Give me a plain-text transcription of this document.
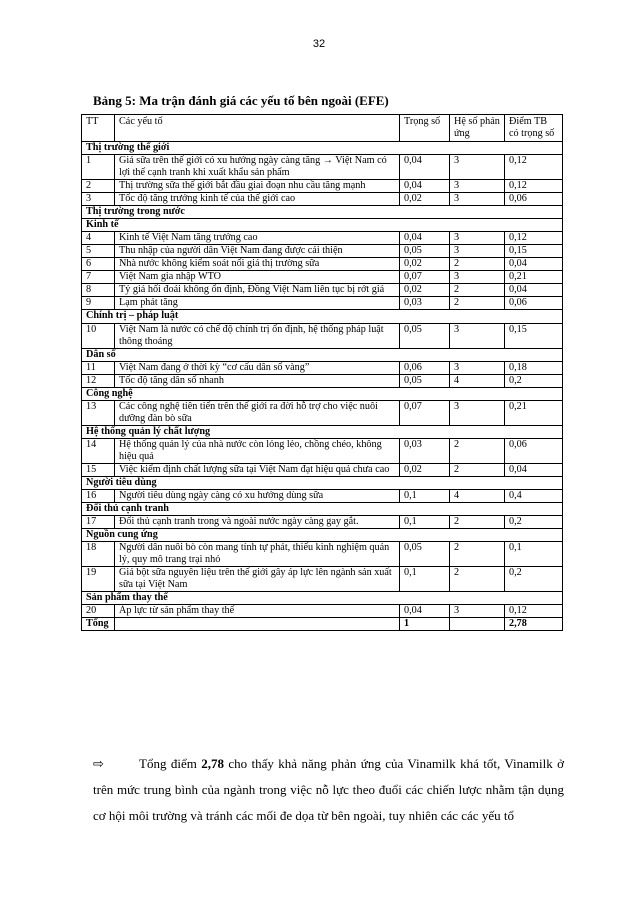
32
Bảng 5: Ma trận đánh giá các yếu tố bên ngoài (EFE)
TT	Các yếu tố	Trọng số	Hệ số phản ứng	Điểm TB có trọng số
Thị trường thế giới				
1	Giá sữa trên thế giới có xu hướng ngày càng tăng → Việt Nam có lợi thế cạnh tranh khi xuất khẩu sản phẩm	0,04	3	0,12
2	Thị trường sữa thế giới bắt đầu giai đoạn nhu cầu tăng mạnh	0,04	3	0,12
3	Tốc độ tăng trưởng kinh tế của thế giới cao	0,02	3	0,06
Thị trường trong nước				
Kinh tế				
4	Kinh tế Việt Nam tăng trưởng cao	0,04	3	0,12
5	Thu nhập của người dân Việt Nam đang được cải thiện	0,05	3	0,15
6	Nhà nước không kiểm soát nổi giá thị trường sữa	0,02	2	0,04
7	Việt Nam gia nhập WTO	0,07	3	0,21
8	Tỷ giá hối đoái không ổn định, Đồng Việt Nam liên tục bị rớt giá	0,02	2	0,04
9	Lạm phát tăng	0,03	2	0,06
Chính trị – pháp luật				
10	Việt Nam là nước có chế độ chính trị ổn định, hệ thống pháp luật thông thoáng	0,05	3	0,15
Dân số				
11	Việt Nam đang ở thời kỳ “cơ cấu dân số vàng”	0,06	3	0,18
12	Tốc độ tăng dân số nhanh	0,05	4	0,2
Công nghệ				
13	Các công nghệ tiên tiến trên thế giới ra đời hỗ trợ cho việc nuôi dưỡng đàn bò sữa	0,07	3	0,21
Hệ thống quản lý chất lượng				
14	Hệ thống quản lý của nhà nước còn lỏng lẻo, chồng chéo, không hiệu quả	0,03	2	0,06
15	Việc kiểm định chất lượng sữa tại Việt Nam đạt hiệu quả chưa cao	0,02	2	0,04
Người tiêu dùng				
16	Người tiêu dùng ngày càng có xu hướng dùng sữa	0,1	4	0,4
Đối thủ cạnh tranh				
17	Đối thủ cạnh tranh trong và ngoài nước ngày càng gay gắt.	0,1	2	0,2
Nguồn cung ứng				
18	Người dân nuôi bò còn mang tính tự phát, thiếu kinh nghiệm quản lý, quy mô trang trại nhỏ	0,05	2	0,1
19	Giá bột sữa nguyên liệu trên thế giới gây áp lực lên ngành sản xuất sữa tại Việt Nam	0,1	2	0,2
Sản phẩm thay thế				
20	Áp lực từ sản phẩm thay thế	0,04	3	0,12
Tổng		1		2,78
⇨	Tổng điểm 2,78 cho thấy khả năng phản ứng của Vinamilk khá tốt, Vinamilk ở trên mức trung bình của ngành trong việc nỗ lực theo đuổi các chiến lược nhằm tận dụng cơ hội môi trường và tránh các mối đe dọa từ bên ngoài, tuy nhiên các các yếu tố
